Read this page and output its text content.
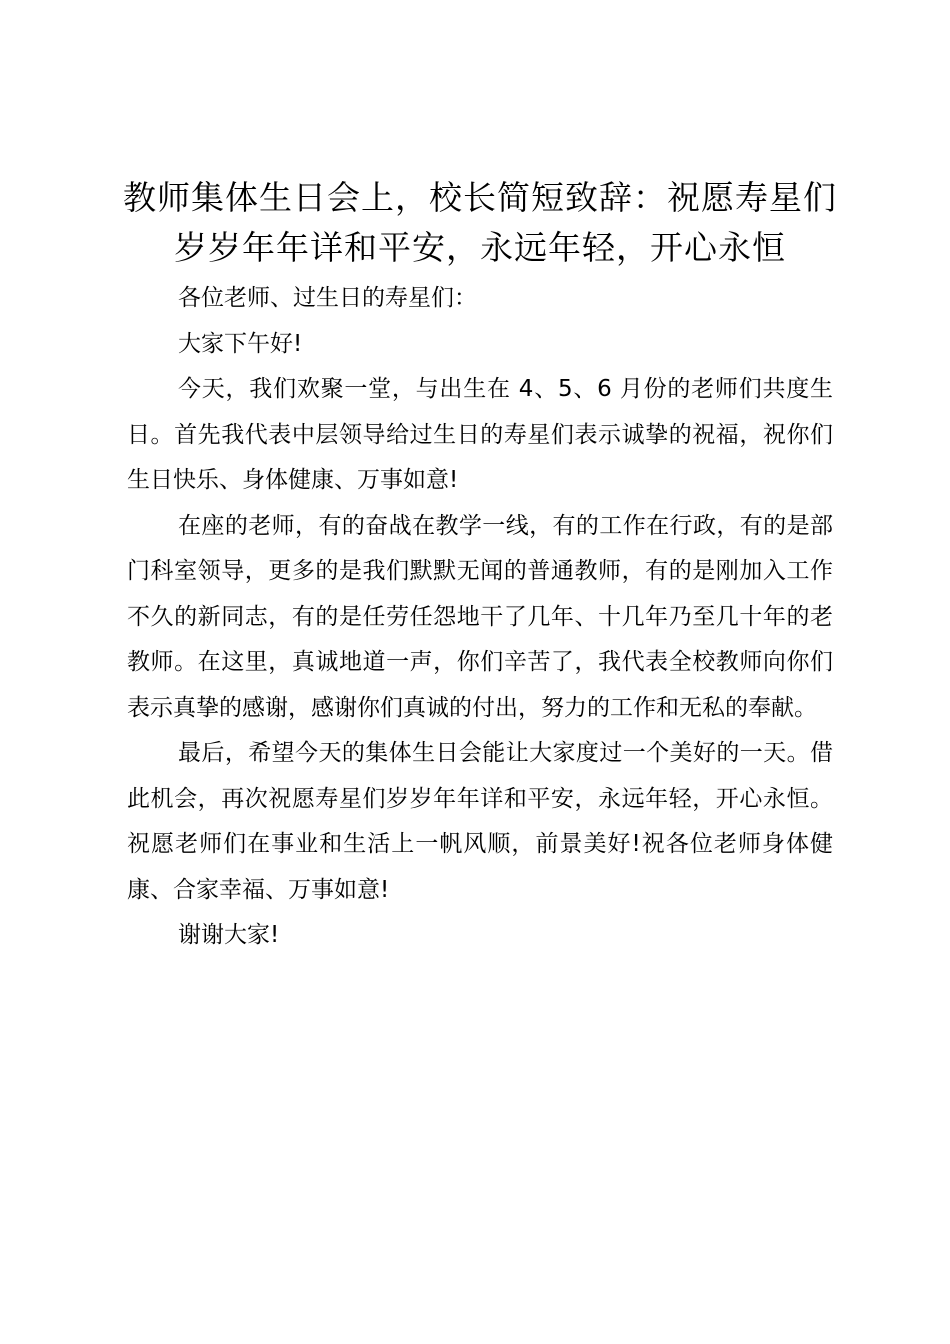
教师集体生日会上，校长简短致辞：祝愿寿星们岁岁年年详和平安，永远年轻，开心永恒

各位老师、过生日的寿星们：

大家下午好!

今天，我们欢聚一堂，与出生在 4、5、6 月份的老师们共度生日。首先我代表中层领导给过生日的寿星们表示诚挚的祝福，祝你们生日快乐、身体健康、万事如意!

在座的老师，有的奋战在教学一线，有的工作在行政，有的是部门科室领导，更多的是我们默默无闻的普通教师，有的是刚加入工作不久的新同志，有的是任劳任怨地干了几年、十几年乃至几十年的老教师。在这里，真诚地道一声，你们辛苦了，我代表全校教师向你们表示真挚的感谢，感谢你们真诚的付出，努力的工作和无私的奉献。

最后，希望今天的集体生日会能让大家度过一个美好的一天。借此机会，再次祝愿寿星们岁岁年年详和平安，永远年轻，开心永恒。祝愿老师们在事业和生活上一帆风顺，前景美好!祝各位老师身体健康、合家幸福、万事如意!

谢谢大家!
